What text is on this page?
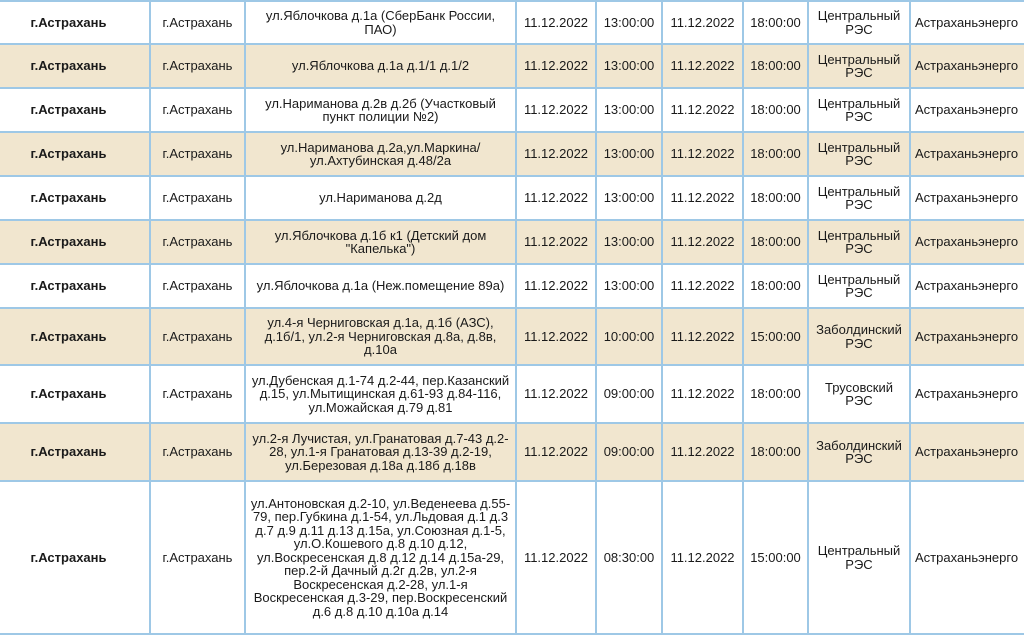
г.Астрахань	г.Астрахань	ул.Яблочкова д.1а (СберБанк России, ПАО)	11.12.2022	13:00:00	11.12.2022	18:00:00	Центральный РЭС	Астраханьэнерго
г.Астрахань	г.Астрахань	ул.Яблочкова д.1а д.1/1 д.1/2	11.12.2022	13:00:00	11.12.2022	18:00:00	Центральный РЭС	Астраханьэнерго
г.Астрахань	г.Астрахань	ул.Нариманова д.2в д.2б (Участковый пункт полиции №2)	11.12.2022	13:00:00	11.12.2022	18:00:00	Центральный РЭС	Астраханьэнерго
г.Астрахань	г.Астрахань	ул.Нариманова д.2а,ул.Маркина/ ул.Ахтубинская д.48/2а	11.12.2022	13:00:00	11.12.2022	18:00:00	Центральный РЭС	Астраханьэнерго
г.Астрахань	г.Астрахань	ул.Нариманова д.2д	11.12.2022	13:00:00	11.12.2022	18:00:00	Центральный РЭС	Астраханьэнерго
г.Астрахань	г.Астрахань	ул.Яблочкова д.1б к1 (Детский дом "Капелька")	11.12.2022	13:00:00	11.12.2022	18:00:00	Центральный РЭС	Астраханьэнерго
г.Астрахань	г.Астрахань	ул.Яблочкова д.1а (Неж.помещение 89а)	11.12.2022	13:00:00	11.12.2022	18:00:00	Центральный РЭС	Астраханьэнерго
г.Астрахань	г.Астрахань	ул.4-я Черниговская д.1а, д.1б (АЗС), д.1б/1, ул.2-я Черниговская д.8а, д.8в, д.10а	11.12.2022	10:00:00	11.12.2022	15:00:00	Заболдинский РЭС	Астраханьэнерго
г.Астрахань	г.Астрахань	ул.Дубенская д.1-74 д.2-44, пер.Казанский д.15, ул.Мытищинская д.61-93 д.84-116, ул.Можайская д.79 д.81	11.12.2022	09:00:00	11.12.2022	18:00:00	Трусовский РЭС	Астраханьэнерго
г.Астрахань	г.Астрахань	ул.2-я Лучистая, ул.Гранатовая д.7-43 д.2-28, ул.1-я Гранатовая д.13-39 д.2-19, ул.Березовая д.18а д.18б д.18в	11.12.2022	09:00:00	11.12.2022	18:00:00	Заболдинский РЭС	Астраханьэнерго
г.Астрахань	г.Астрахань	ул.Антоновская д.2-10, ул.Веденеева д.55-79, пер.Губкина д.1-54, ул.Льдовая д.1 д.3 д.7 д.9 д.11 д.13 д.15а, ул.Союзная д.1-5, ул.О.Кошевого д.8 д.10 д.12, ул.Воскресенская д.8 д.12 д.14 д.15а-29, пер.2-й Дачный д.2г д.2в, ул.2-я Воскресенская д.2-28, ул.1-я Воскресенская д.3-29, пер.Воскресенский д.6 д.8 д.10 д.10а д.14	11.12.2022	08:30:00	11.12.2022	15:00:00	Центральный РЭС	Астраханьэнерго
